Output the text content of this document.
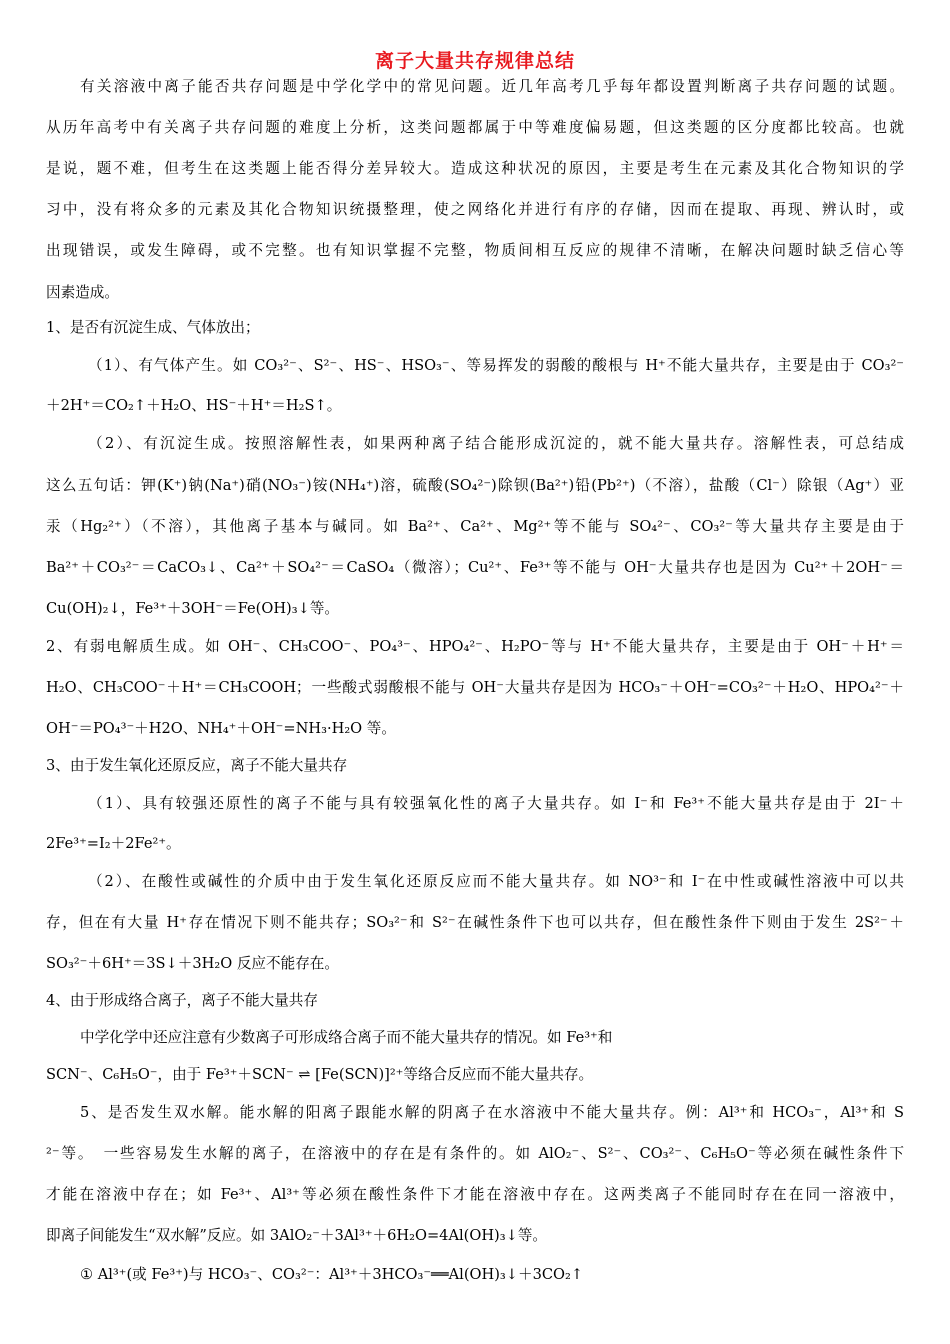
离子大量共存规律总结
有关溶液中离子能否共存问题是中学化学中的常见问题。近几年高考几乎每年都设置判断离子共存问题的试题。
从历年高考中有关离子共存问题的难度上分析，这类问题都属于中等难度偏易题，但这类题的区分度都比较高。也就
是说，题不难，但考生在这类题上能否得分差异较大。造成这种状况的原因，主要是考生在元素及其化合物知识的学
习中，没有将众多的元素及其化合物知识统摄整理，使之网络化并进行有序的存储，因而在提取、再现、辨认时，或
出现错误，或发生障碍，或不完整。也有知识掌握不完整，物质间相互反应的规律不清晰，在解决问题时缺乏信心等
因素造成。
1、是否有沉淀生成、气体放出；
（1）、有气体产生。如 CO₃²⁻、S²⁻、HS⁻、HSO₃⁻、等易挥发的弱酸的酸根与 H⁺不能大量共存，主要是由于 CO₃²⁻
＋2H⁺＝CO₂↑＋H₂O、HS⁻＋H⁺＝H₂S↑。
（2）、有沉淀生成。按照溶解性表，如果两种离子结合能形成沉淀的，就不能大量共存。溶解性表，可总结成
这么五句话：钾(K⁺)钠(Na⁺)硝(NO₃⁻)铵(NH₄⁺)溶，硫酸(SO₄²⁻)除钡(Ba²⁺)铅(Pb²⁺)（不溶），盐酸（Cl⁻）除银（Ag⁺）亚
汞（Hg₂²⁺）（不溶），其他离子基本与碱同。如 Ba²⁺、Ca²⁺、Mg²⁺等不能与 SO₄²⁻、CO₃²⁻等大量共存主要是由于
Ba²⁺＋CO₃²⁻＝CaCO₃↓、Ca²⁺＋SO₄²⁻＝CaSO₄（微溶）；Cu²⁺、Fe³⁺等不能与 OH⁻大量共存也是因为 Cu²⁺＋2OH⁻＝
Cu(OH)₂↓，Fe³⁺＋3OH⁻＝Fe(OH)₃↓等。
2、有弱电解质生成。如 OH⁻、CH₃COO⁻、PO₄³⁻、HPO₄²⁻、H₂PO⁻等与 H⁺不能大量共存，主要是由于 OH⁻＋H⁺＝
H₂O、CH₃COO⁻＋H⁺＝CH₃COOH；一些酸式弱酸根不能与 OH⁻大量共存是因为 HCO₃⁻＋OH⁻=CO₃²⁻＋H₂O、HPO₄²⁻＋
OH⁻＝PO₄³⁻＋H2O、NH₄⁺＋OH⁻=NH₃·H₂O 等。
3、由于发生氧化还原反应，离子不能大量共存
（1）、具有较强还原性的离子不能与具有较强氧化性的离子大量共存。如 I⁻和 Fe³⁺不能大量共存是由于 2I⁻＋
2Fe³⁺=I₂＋2Fe²⁺。
（2）、在酸性或碱性的介质中由于发生氧化还原反应而不能大量共存。如 NO³⁻和 I⁻在中性或碱性溶液中可以共
存，但在有大量 H⁺存在情况下则不能共存；SO₃²⁻和 S²⁻在碱性条件下也可以共存，但在酸性条件下则由于发生 2S²⁻＋
SO₃²⁻＋6H⁺＝3S↓＋3H₂O 反应不能存在。
4、由于形成络合离子，离子不能大量共存
中学化学中还应注意有少数离子可形成络合离子而不能大量共存的情况。如 Fe³⁺和
SCN⁻、C₆H₅O⁻，由于 Fe³⁺＋SCN⁻ ⇌ [Fe(SCN)]²⁺等络合反应而不能大量共存。
5、是否发生双水解。能水解的阳离子跟能水解的阴离子在水溶液中不能大量共存。例：Al³⁺和 HCO₃⁻，Al³⁺和 S
²⁻等。　一些容易发生水解的离子，在溶液中的存在是有条件的。如 AlO₂⁻、S²⁻、CO₃²⁻、C₆H₅O⁻等必须在碱性条件下
才能在溶液中存在；如 Fe³⁺、Al³⁺等必须在酸性条件下才能在溶液中存在。这两类离子不能同时存在在同一溶液中，
即离子间能发生“双水解”反应。如 3AlO₂⁻＋3Al³⁺＋6H₂O=4Al(OH)₃↓等。
① Al³⁺(或 Fe³⁺)与 HCO₃⁻、CO₃²⁻：Al³⁺＋3HCO₃⁻══Al(OH)₃↓＋3CO₂↑
